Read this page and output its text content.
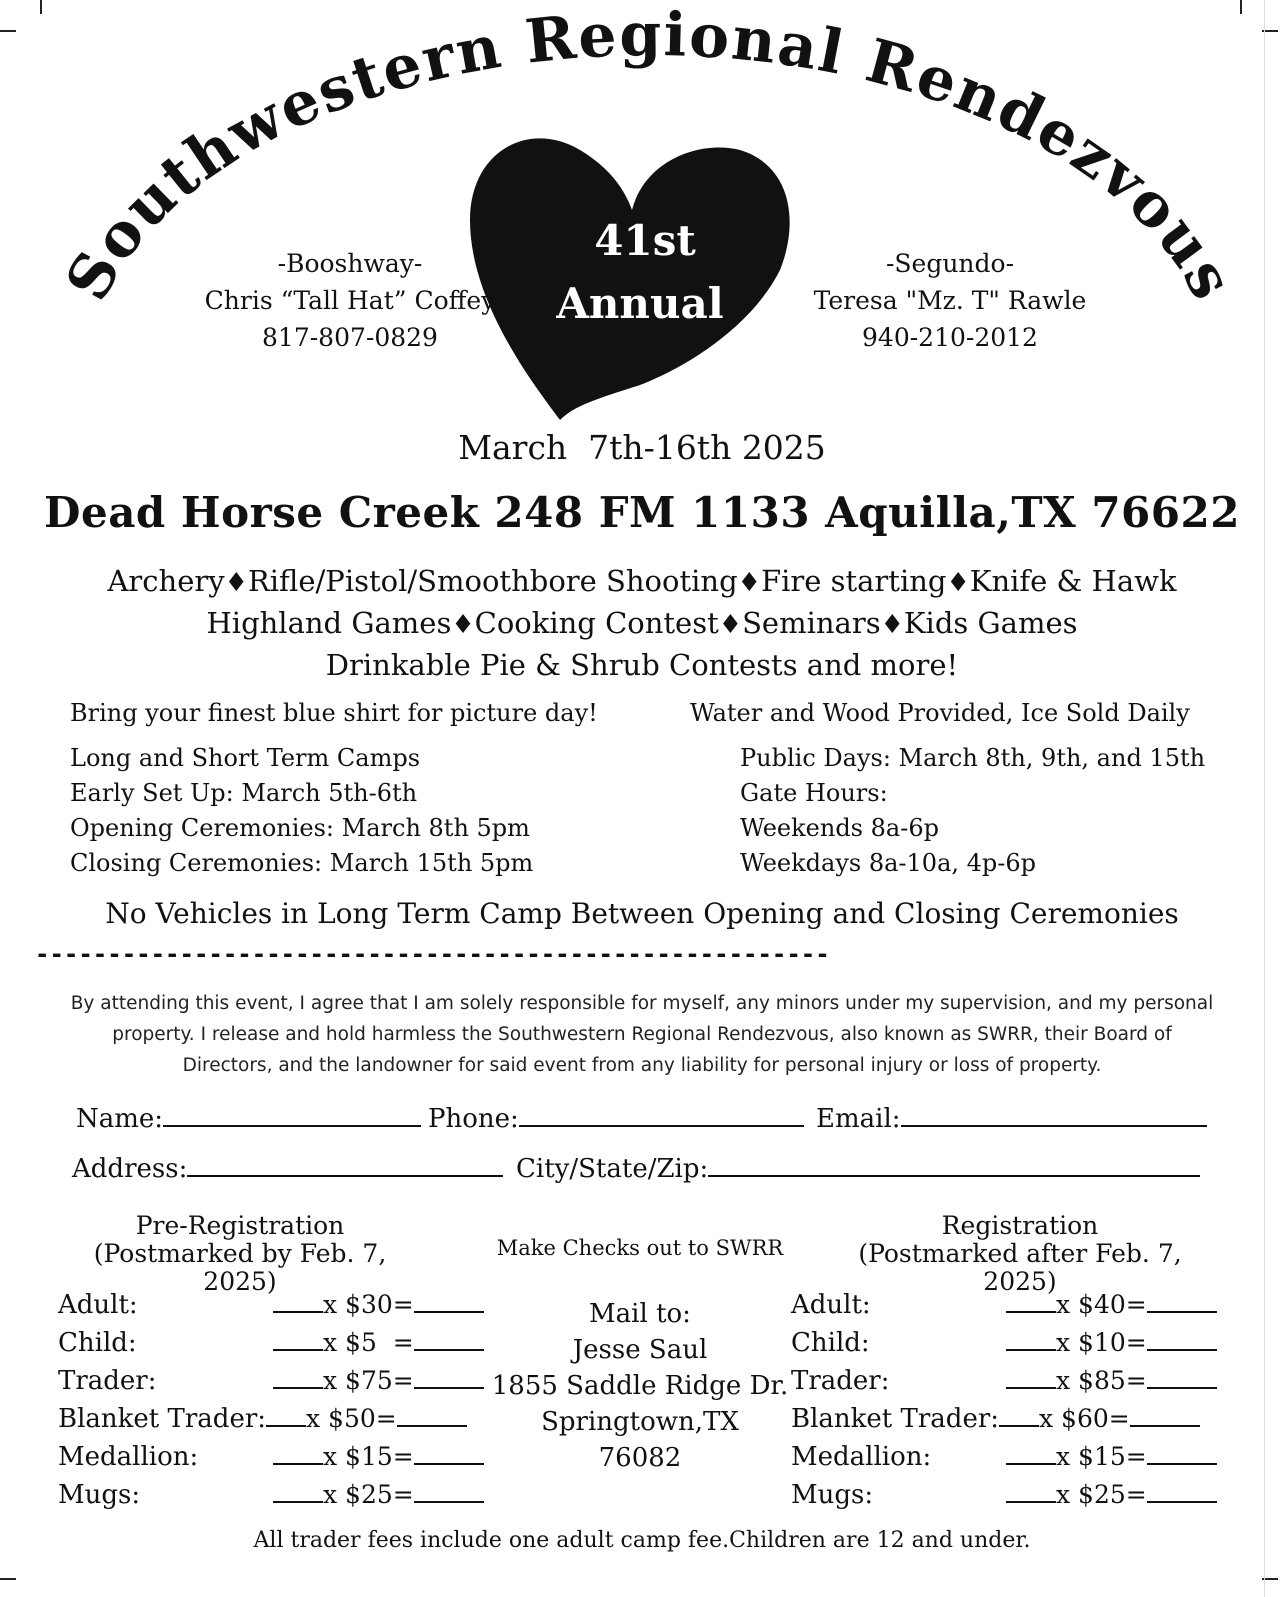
Southwestern Regional Rendezvous
41st
Annual
-Booshway-
Chris “Tall Hat” Coffey
817-807-0829
-Segundo-
Teresa "Mz. T" Rawle
940-210-2012
March  7th-16th 2025
Dead Horse Creek 248 FM 1133 Aquilla,TX 76622
Archery♦Rifle/Pistol/Smoothbore Shooting♦Fire starting♦Knife & Hawk
Highland Games♦Cooking Contest♦Seminars♦Kids Games
Drinkable Pie & Shrub Contests and more!
Bring your finest blue shirt for picture day!	Water and Wood Provided, Ice Sold Daily
Long and Short Term Camps
Early Set Up: March 5th-6th
Opening Ceremonies: March 8th 5pm
Closing Ceremonies: March 15th 5pm
Public Days: March 8th, 9th, and 15th
Gate Hours:
Weekends 8a-6p
Weekdays 8a-10a, 4p-6p
No Vehicles in Long Term Camp Between Opening and Closing Ceremonies
-------------------------------------------------------
By attending this event, I agree that I am solely responsible for myself, any minors under my supervision, and my personal
property. I release and hold harmless the Southwestern Regional Rendezvous, also known as SWRR, their Board of
Directors, and the landowner for said event from any liability for personal injury or loss of property.
Name:	Phone:	Email:
Address:	City/State/Zip:
Pre-Registration
(Postmarked by Feb. 7, 2025)
Make Checks out to SWRR
Registration
(Postmarked after Feb. 7, 2025)
Adult:	x $30=
Child:	x $5  =
Trader:	x $75=
Blanket Trader: x $50=
Medallion:	x $15=
Mugs:	x $25=
Mail to:
Jesse Saul
1855 Saddle Ridge Dr.
Springtown,TX
76082
Adult:	x $40=
Child:	x $10=
Trader:	x $85=
Blanket Trader: x $60=
Medallion:	x $15=
Mugs:	x $25=
All trader fees include one adult camp fee.Children are 12 and under.
